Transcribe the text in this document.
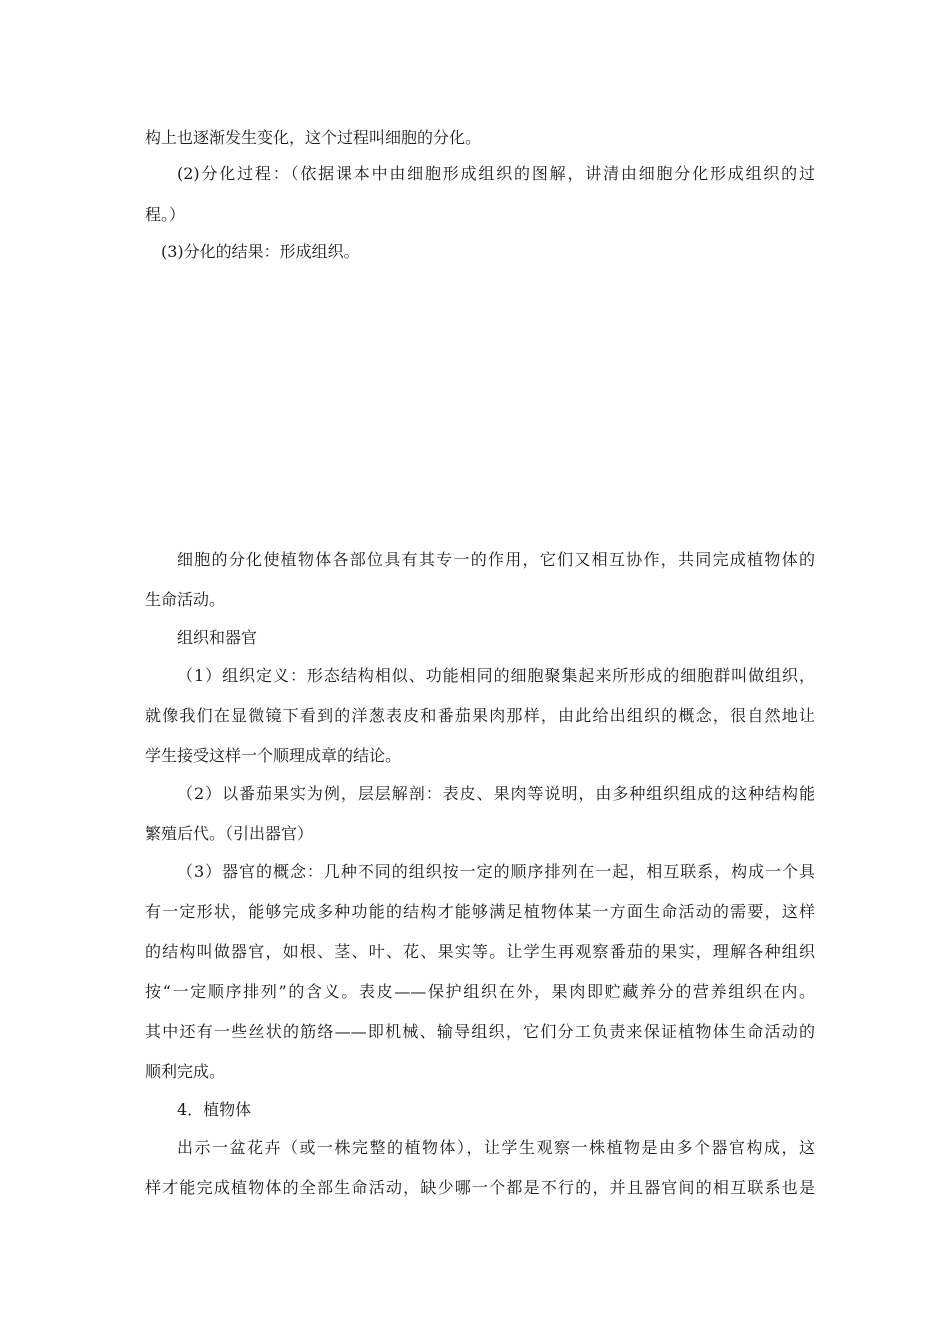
构上也逐渐发生变化，这个过程叫细胞的分化。
(2)分化过程：（依据课本中由细胞形成组织的图解，讲清由细胞分化形成组织的过
程。）
(3)分化的结果：形成组织。
细胞的分化使植物体各部位具有其专一的作用，它们又相互协作，共同完成植物体的
生命活动。
组织和器官
（1）组织定义：形态结构相似、功能相同的细胞聚集起来所形成的细胞群叫做组织，
就像我们在显微镜下看到的洋葱表皮和番茄果肉那样，由此给出组织的概念，很自然地让
学生接受这样一个顺理成章的结论。
（2）以番茄果实为例，层层解剖：表皮、果肉等说明，由多种组织组成的这种结构能
繁殖后代。（引出器官）
（3）器官的概念：几种不同的组织按一定的顺序排列在一起，相互联系，构成一个具
有一定形状，能够完成多种功能的结构才能够满足植物体某一方面生命活动的需要，这样
的结构叫做器官，如根、茎、叶、花、果实等。让学生再观察番茄的果实，理解各种组织
按“一定顺序排列”的含义。表皮——保护组织在外，果肉即贮藏养分的营养组织在内。
其中还有一些丝状的筋络——即机械、输导组织，它们分工负责来保证植物体生命活动的
顺利完成。
4．植物体
出示一盆花卉（或一株完整的植物体），让学生观察一株植物是由多个器官构成，这
样才能完成植物体的全部生命活动，缺少哪一个都是不行的，并且器官间的相互联系也是
